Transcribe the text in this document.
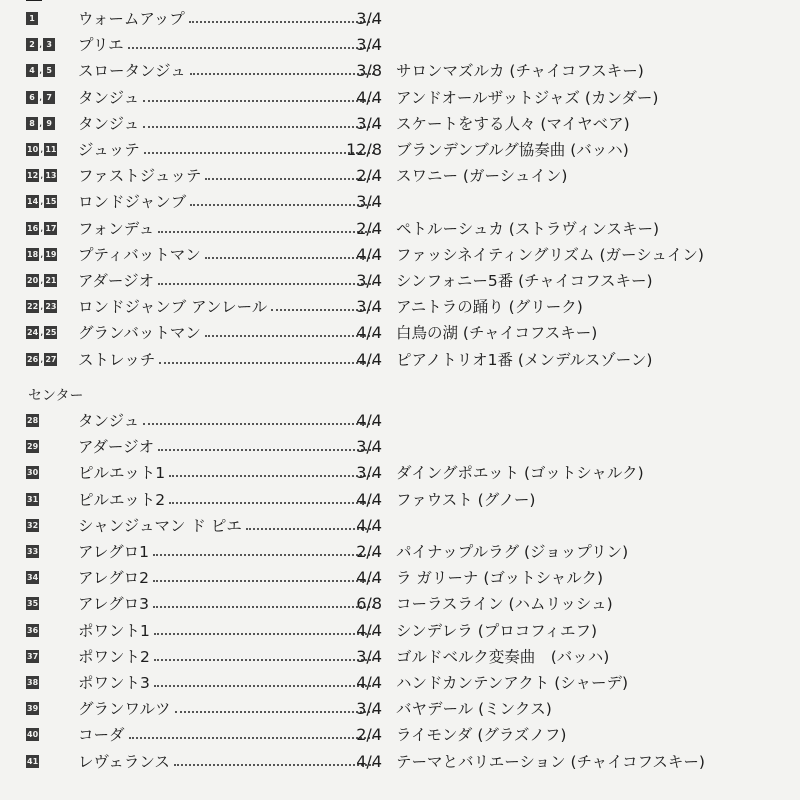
1	ウォームアップ	3/4
2 , 3 プリエ	3/4
4 , 5 スロータンジュ	3/8 サロンマズルカ (チャイコフスキー)
6 , 7 タンジュ	4/4 アンドオールザットジャズ (カンダー)
8 , 9 タンジュ	3/4 スケートをする人々 (マイヤベア)
10 , 11 ジュッテ	12/8 ブランデンブルグ協奏曲 (バッハ)
12 , 13 ファストジュッテ	2/4 スワニー (ガーシュイン)
14 , 15 ロンドジャンブ	3/4
16 , 17 フォンデュ	2/4 ペトルーシュカ (ストラヴィンスキー)
18 , 19 プティバットマン	4/4 ファッシネイティングリズム (ガーシュイン)
20 , 21 アダージオ	3/4 シンフォニー5番 (チャイコフスキー)
22 , 23 ロンドジャンブ アンレール	3/4 アニトラの踊り (グリーク)
24 , 25 グランバットマン	4/4 白鳥の湖 (チャイコフスキー)
26 , 27 ストレッチ	4/4 ピアノトリオ1番 (メンデルスゾーン)
センター
28	タンジュ	4/4
29	アダージオ	3/4
30	ピルエット1	3/4 ダイングポエット (ゴットシャルク)
31	ピルエット2	4/4 ファウスト (グノー)
32	シャンジュマン ド ピエ	4/4
33	アレグロ1	2/4 パイナップルラグ (ジョップリン)
34	アレグロ2	4/4 ラ ガリーナ (ゴットシャルク)
35	アレグロ3	6/8 コーラスライン (ハムリッシュ)
36	ポワント1	4/4 シンデレラ (プロコフィエフ)
37	ポワント2	3/4 ゴルドベルク変奏曲　(バッハ)
38	ポワント3	4/4 ハンドカンテンアクト (シャーデ)
39	グランワルツ	3/4 バヤデール (ミンクス)
40	コーダ	2/4 ライモンダ (グラズノフ)
41	レヴェランス	4/4 テーマとバリエーション (チャイコフスキー)
